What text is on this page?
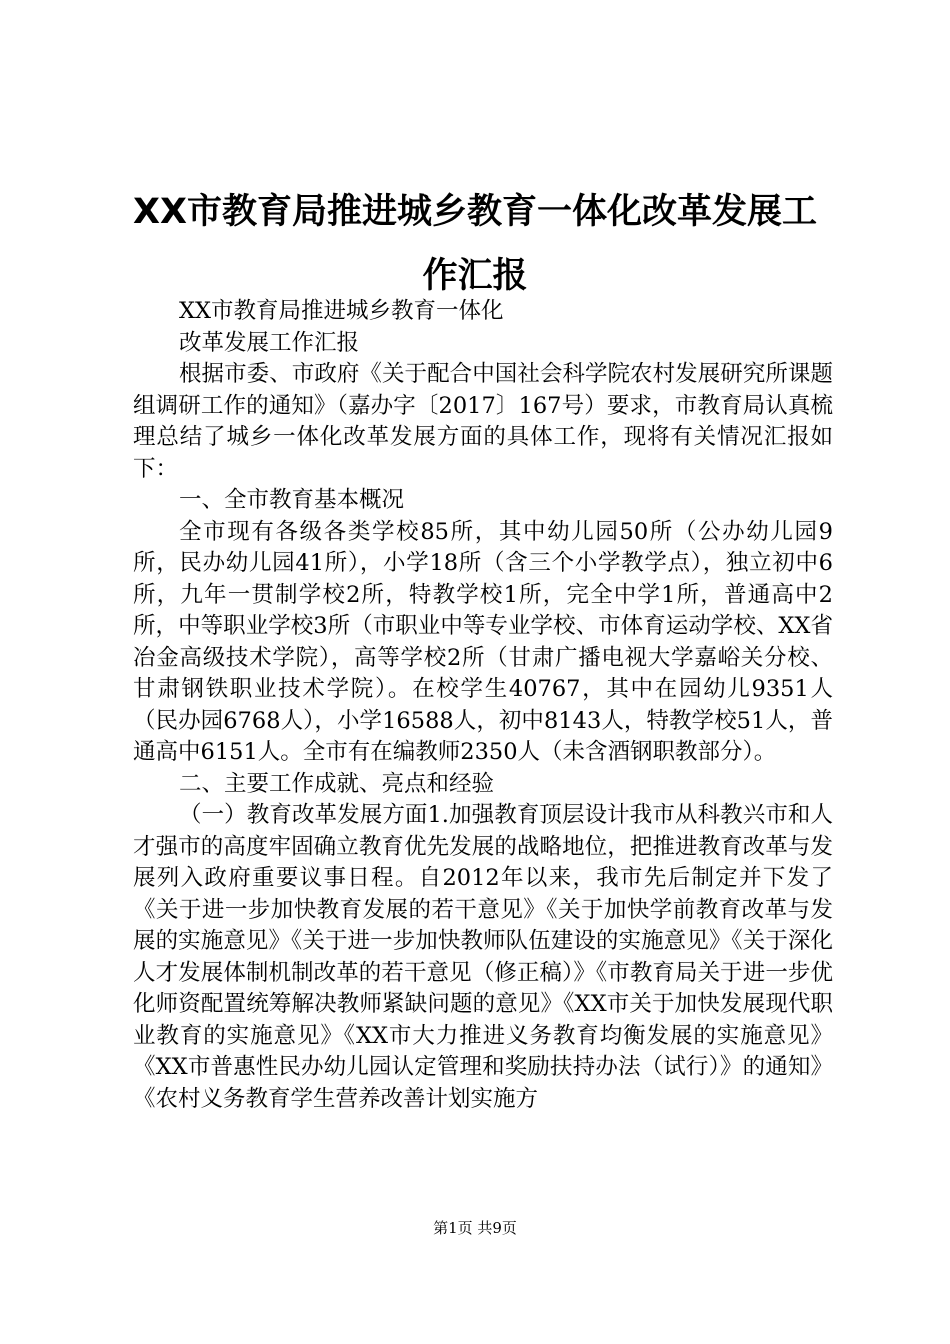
XX市教育局推进城乡教育一体化改革发展工
作汇报

XX市教育局推进城乡教育一体化

改革发展工作汇报

根据市委、市政府《关于配合中国社会科学院农村发展研究所课题组调研工作的通知》（嘉办字〔2017〕167号）要求，市教育局认真梳理总结了城乡一体化改革发展方面的具体工作，现将有关情况汇报如下：

一、全市教育基本概况

全市现有各级各类学校85所，其中幼儿园50所（公办幼儿园9所，民办幼儿园41所），小学18所（含三个小学教学点），独立初中6所，九年一贯制学校2所，特教学校1所，完全中学1所，普通高中2所，中等职业学校3所（市职业中等专业学校、市体育运动学校、XX省冶金高级技术学院），高等学校2所（甘肃广播电视大学嘉峪关分校、甘肃钢铁职业技术学院）。在校学生40767，其中在园幼儿9351人（民办园6768人），小学16588人，初中8143人，特教学校51人，普通高中6151人。全市有在编教师2350人（未含酒钢职教部分）。

二、主要工作成就、亮点和经验

（一）教育改革发展方面1.加强教育顶层设计我市从科教兴市和人才强市的高度牢固确立教育优先发展的战略地位，把推进教育改革与发展列入政府重要议事日程。自2012年以来，我市先后制定并下发了《关于进一步加快教育发展的若干意见》《关于加快学前教育改革与发展的实施意见》《关于进一步加快教师队伍建设的实施意见》《关于深化人才发展体制机制改革的若干意见（修正稿）》《市教育局关于进一步优化师资配置统筹解决教师紧缺问题的意见》《XX市关于加快发展现代职业教育的实施意见》《XX市大力推进义务教育均衡发展的实施意见》《XX市普惠性民办幼儿园认定管理和奖励扶持办法（试行）》的通知》《农村义务教育学生营养改善计划实施方

第1页 共9页
